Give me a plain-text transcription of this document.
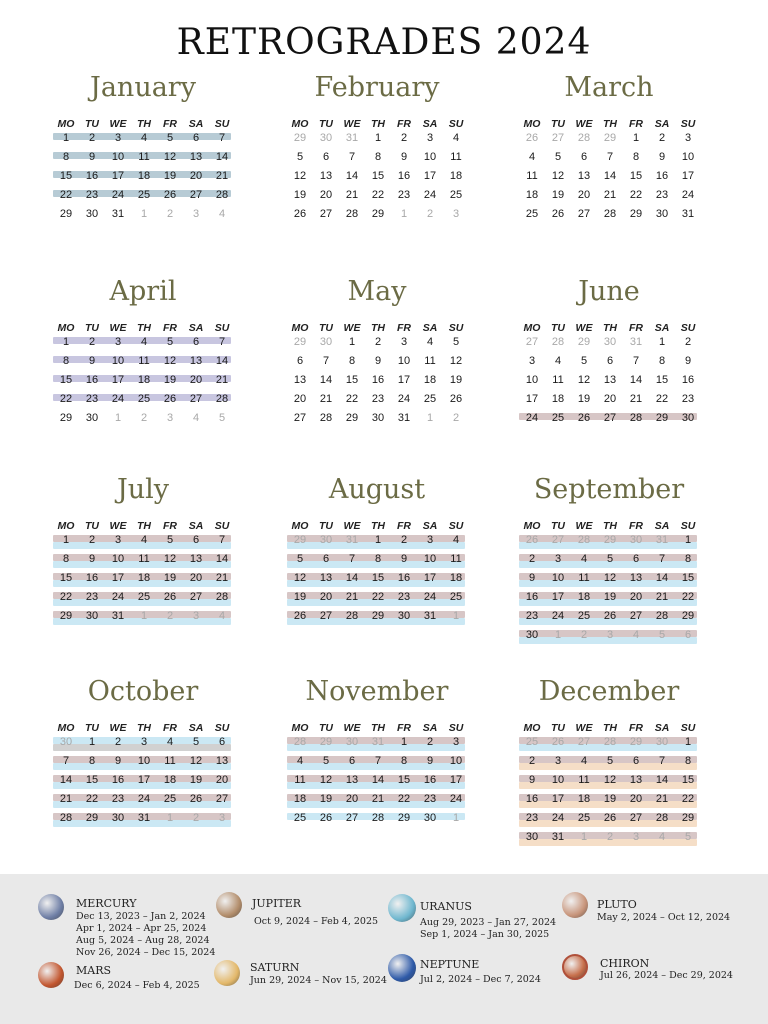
RETROGRADES 2024
January
MO	TU	WE	TH	FR	SA	SU
1	2	3	4	5	6	7
8	9	10	11	12	13	14
15	16	17	18	19	20	21
22	23	24	25	26	27	28
29	30	31	1	2	3	4
February
MO	TU	WE	TH	FR	SA	SU
29	30	31	1	2	3	4
5	6	7	8	9	10	11
12	13	14	15	16	17	18
19	20	21	22	23	24	25
26	27	28	29	1	2	3
March
MO	TU	WE	TH	FR	SA	SU
26	27	28	29	1	2	3
4	5	6	7	8	9	10
11	12	13	14	15	16	17
18	19	20	21	22	23	24
25	26	27	28	29	30	31
April
MO	TU	WE	TH	FR	SA	SU
1	2	3	4	5	6	7
8	9	10	11	12	13	14
15	16	17	18	19	20	21
22	23	24	25	26	27	28
29	30	1	2	3	4	5
May
MO	TU	WE	TH	FR	SA	SU
29	30	1	2	3	4	5
6	7	8	9	10	11	12
13	14	15	16	17	18	19
20	21	22	23	24	25	26
27	28	29	30	31	1	2
June
MO	TU	WE	TH	FR	SA	SU
27	28	29	30	31	1	2
3	4	5	6	7	8	9
10	11	12	13	14	15	16
17	18	19	20	21	22	23
24	25	26	27	28	29	30
July
MO	TU	WE	TH	FR	SA	SU
1	2	3	4	5	6	7
8	9	10	11	12	13	14
15	16	17	18	19	20	21
22	23	24	25	26	27	28
29	30	31	1	2	3	4
August
MO	TU	WE	TH	FR	SA	SU
29	30	31	1	2	3	4
5	6	7	8	9	10	11
12	13	14	15	16	17	18
19	20	21	22	23	24	25
26	27	28	29	30	31	1
September
MO	TU	WE	TH	FR	SA	SU
26	27	28	29	30	31	1
2	3	4	5	6	7	8
9	10	11	12	13	14	15
16	17	18	19	20	21	22
23	24	25	26	27	28	29
30	1	2	3	4	5	6
October
MO	TU	WE	TH	FR	SA	SU
30	1	2	3	4	5	6
7	8	9	10	11	12	13
14	15	16	17	18	19	20
21	22	23	24	25	26	27
28	29	30	31	1	2	3
November
MO	TU	WE	TH	FR	SA	SU
28	29	30	31	1	2	3
4	5	6	7	8	9	10
11	12	13	14	15	16	17
18	19	20	21	22	23	24
25	26	27	28	29	30	1
December
MO	TU	WE	TH	FR	SA	SU
25	26	27	28	29	30	1
2	3	4	5	6	7	8
9	10	11	12	13	14	15
16	17	18	19	20	21	22
23	24	25	26	27	28	29
30	31	1	2	3	4	5
MERCURY
Dec 13, 2023 – Jan 2, 2024
Apr 1, 2024 – Apr 25, 2024
Aug 5, 2024 – Aug 28, 2024
Nov 26, 2024 – Dec 15, 2024
JUPITER
Oct 9, 2024 – Feb 4, 2025
URANUS
Aug 29, 2023 – Jan 27, 2024
Sep 1, 2024 – Jan 30, 2025
PLUTO
May 2, 2024 – Oct 12, 2024
MARS
Dec 6, 2024 – Feb 4, 2025
SATURN
Jun 29, 2024 – Nov 15, 2024
NEPTUNE
Jul 2, 2024 – Dec 7, 2024
CHIRON
Jul 26, 2024 – Dec 29, 2024
